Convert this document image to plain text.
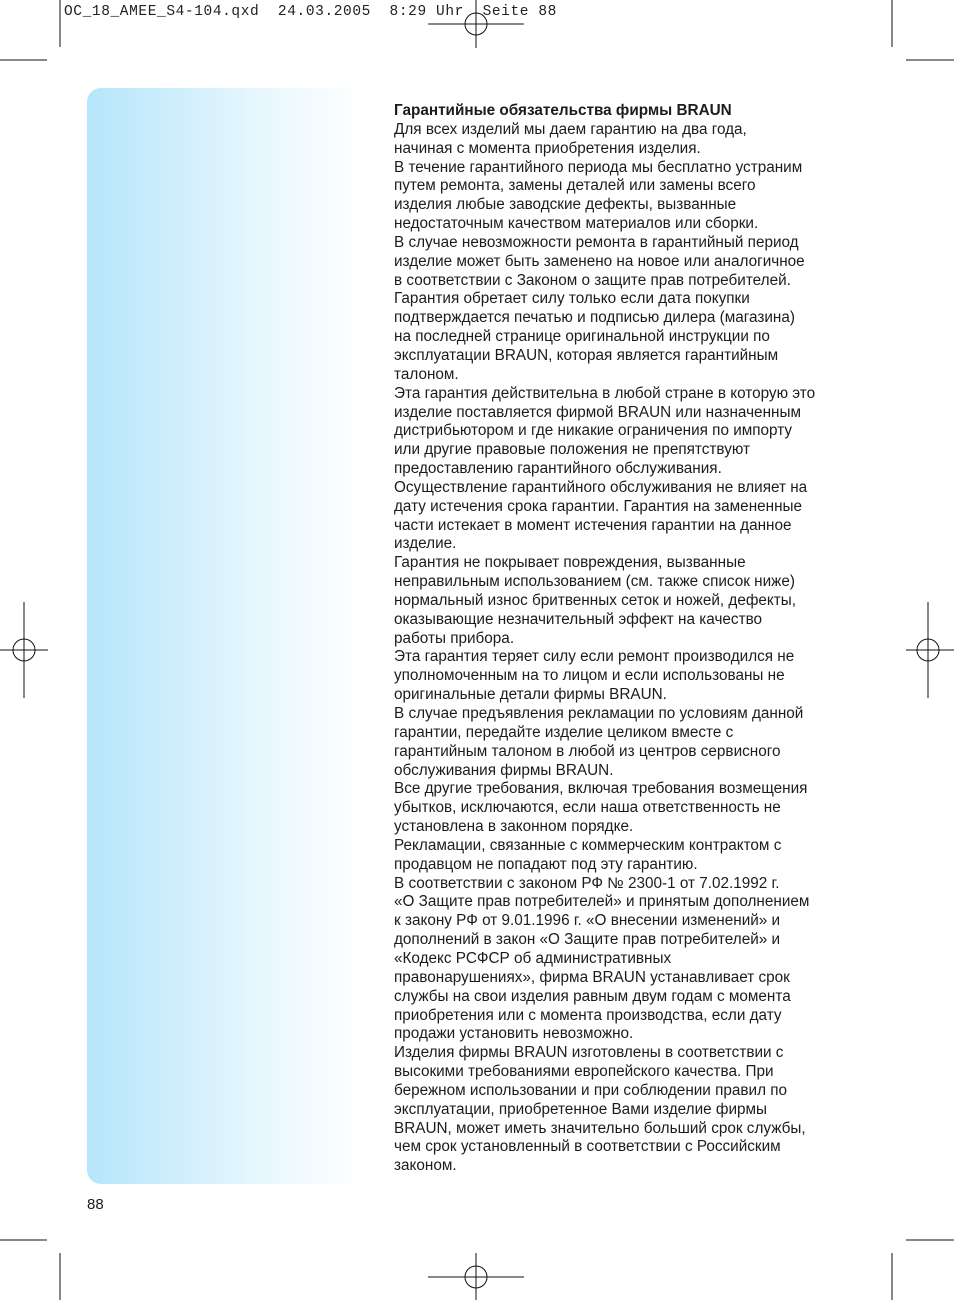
OC_18_AMEE_S4-104.qxd  24.03.2005  8:29 Uhr  Seite 88

Гарантийные обязательства фирмы BRAUN
Для всех изделий мы даем гарантию на два года,
начиная с момента приобретения изделия.
В течение гарантийного периода мы бесплатно устраним
путем ремонта, замены деталей или замены всего
изделия любые заводские дефекты, вызванные
недостаточным качеством материалов или сборки.
В случае невозможности ремонта в гарантийный период
изделие может быть заменено на новое или аналогичное
в соответствии с Законом о защите прав потребителей.
Гарантия обретает силу только если дата покупки
подтверждается печатью и подписью дилера (магазина)
на последней странице оригинальной инструкции по
эксплуатации BRAUN, которая является гарантийным
талоном.
Эта гарантия действительна в любой стране в которую это
изделие поставляется фирмой BRAUN или назначенным
дистрибьютором и где никакие ограничения по импорту
или другие правовые положения не препятствуют
предоставлению гарантийного обслуживания.
Осуществление гарантийного обслуживания не влияет на
дату истечения срока гарантии. Гарантия на замененные
части истекает в момент истечения гарантии на данное
изделие.
Гарантия не покрывает повреждения, вызванные
неправильным использованием (см. также список ниже)
нормальный износ бритвенных сеток и ножей, дефекты,
оказывающие незначительный эффект на качество
работы прибора.
Эта гарантия теряет силу если ремонт производился не
уполномоченным на то лицом и если использованы не
оригинальные детали фирмы BRAUN.
В случае предъявления рекламации по условиям данной
гарантии, передайте изделие целиком вместе с
гарантийным талоном в любой из центров сервисного
обслуживания фирмы BRAUN.
Все другие требования, включая требования возмещения
убытков, исключаются, если наша ответственность не
установлена в законном порядке.
Рекламации, связанные с коммерческим контрактом с
продавцом не попадают под эту гарантию.
В соответствии с законом РФ № 2300-1 от 7.02.1992 г.
«О Защите прав потребителей» и принятым дополнением
к закону РФ от 9.01.1996 г. «О внесении изменений» и
дополнений в закон «О Защите прав потребителей» и
«Кодекс РСФСР об административных
правонарушениях», фирма BRAUN устанавливает срок
службы на свои изделия равным двум годам с момента
приобретения или с момента производства, если дату
продажи установить невозможно.
Изделия фирмы BRAUN изготовлены в соответствии с
высокими требованиями европейского качества. При
бережном использовании и при соблюдении правил по
эксплуатации, приобретенное Вами изделие фирмы
BRAUN, может иметь значительно больший срок службы,
чем срок установленный в соответствии с Российским
законом.

88
